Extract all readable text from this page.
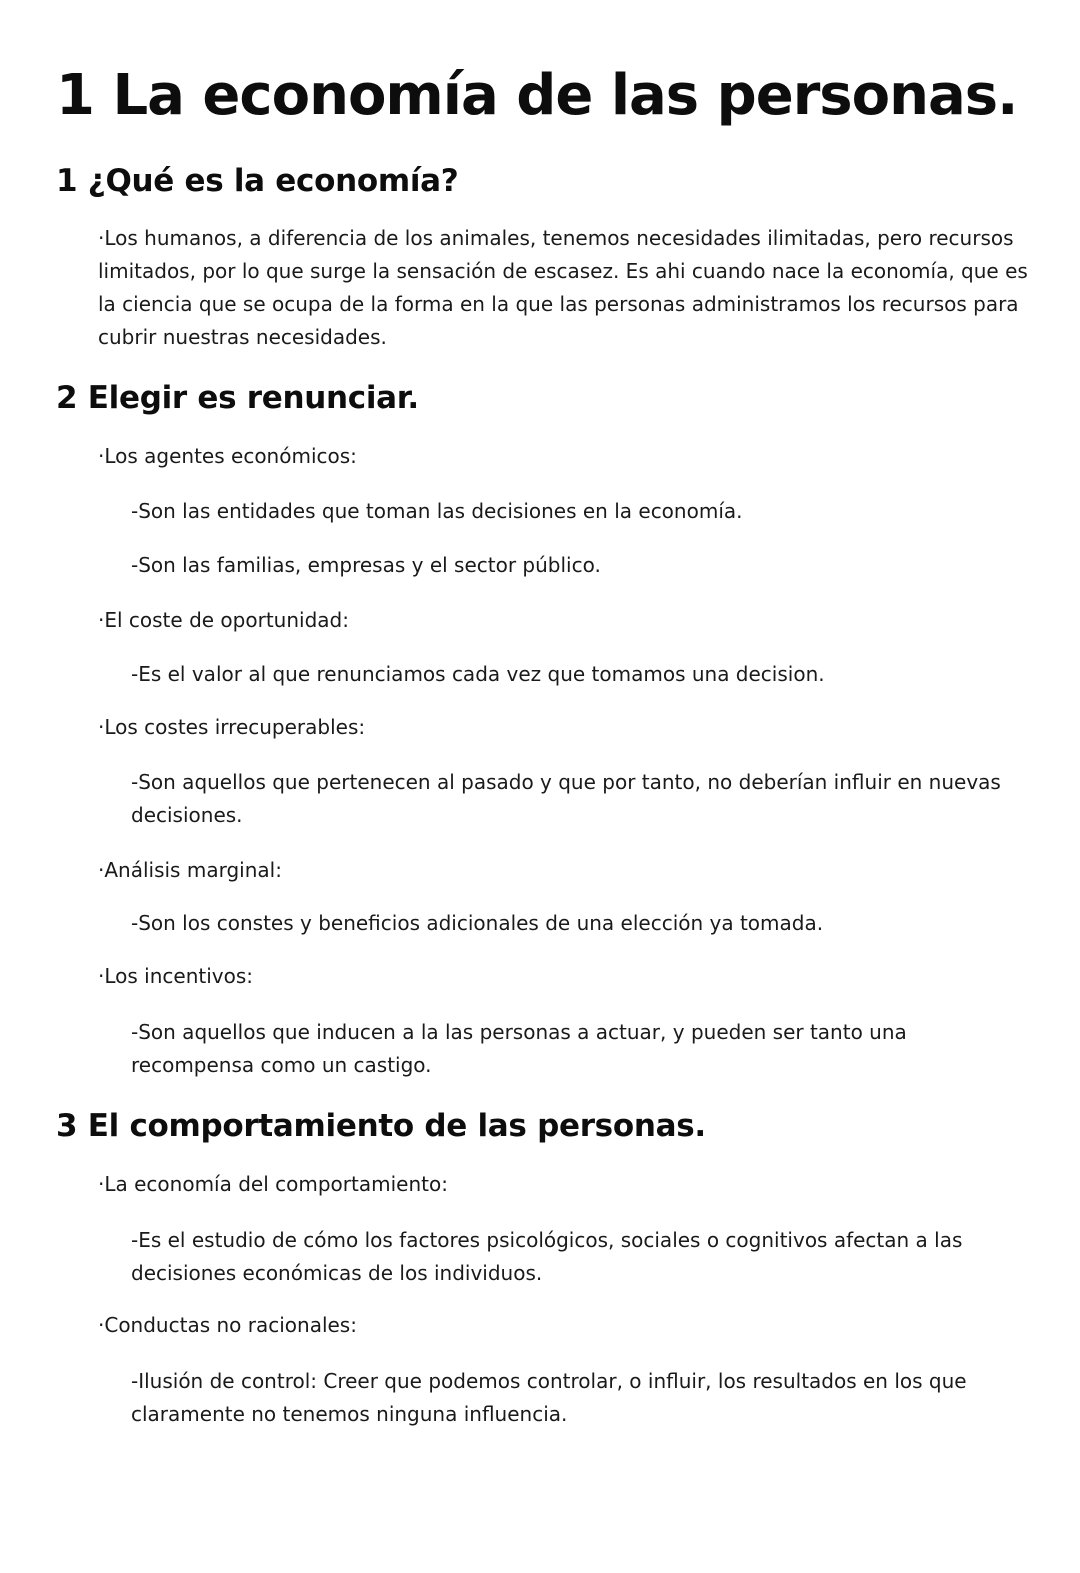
1 La economía de las personas.
1 ¿Qué es la economía?

·Los humanos, a diferencia de los animales, tenemos necesidades ilimitadas, pero recursos limitados, por lo que surge la sensación de escasez. Es ahi cuando nace la economía, que es la ciencia que se ocupa de la forma en la que las personas administramos los recursos para cubrir nuestras necesidades.

2 Elegir es renunciar.

·Los agentes económicos:

-Son las entidades que toman las decisiones en la economía.

-Son las familias, empresas y el sector público.

·El coste de oportunidad:

-Es el valor al que renunciamos cada vez que tomamos una decision.

·Los costes irrecuperables:

-Son aquellos que pertenecen al pasado y que por tanto, no deberían influir en nuevas decisiones.

·Análisis marginal:

-Son los constes y beneficios adicionales de una elección ya tomada.

·Los incentivos:

-Son aquellos que inducen a la las personas a actuar, y pueden ser tanto una recompensa como un castigo.

3 El comportamiento de las personas.

·La economía del comportamiento:

-Es el estudio de cómo los factores psicológicos, sociales o cognitivos afectan a las decisiones económicas de los individuos.

·Conductas no racionales:

-Ilusión de control: Creer que podemos controlar, o influir, los resultados en los que claramente no tenemos ninguna influencia.
